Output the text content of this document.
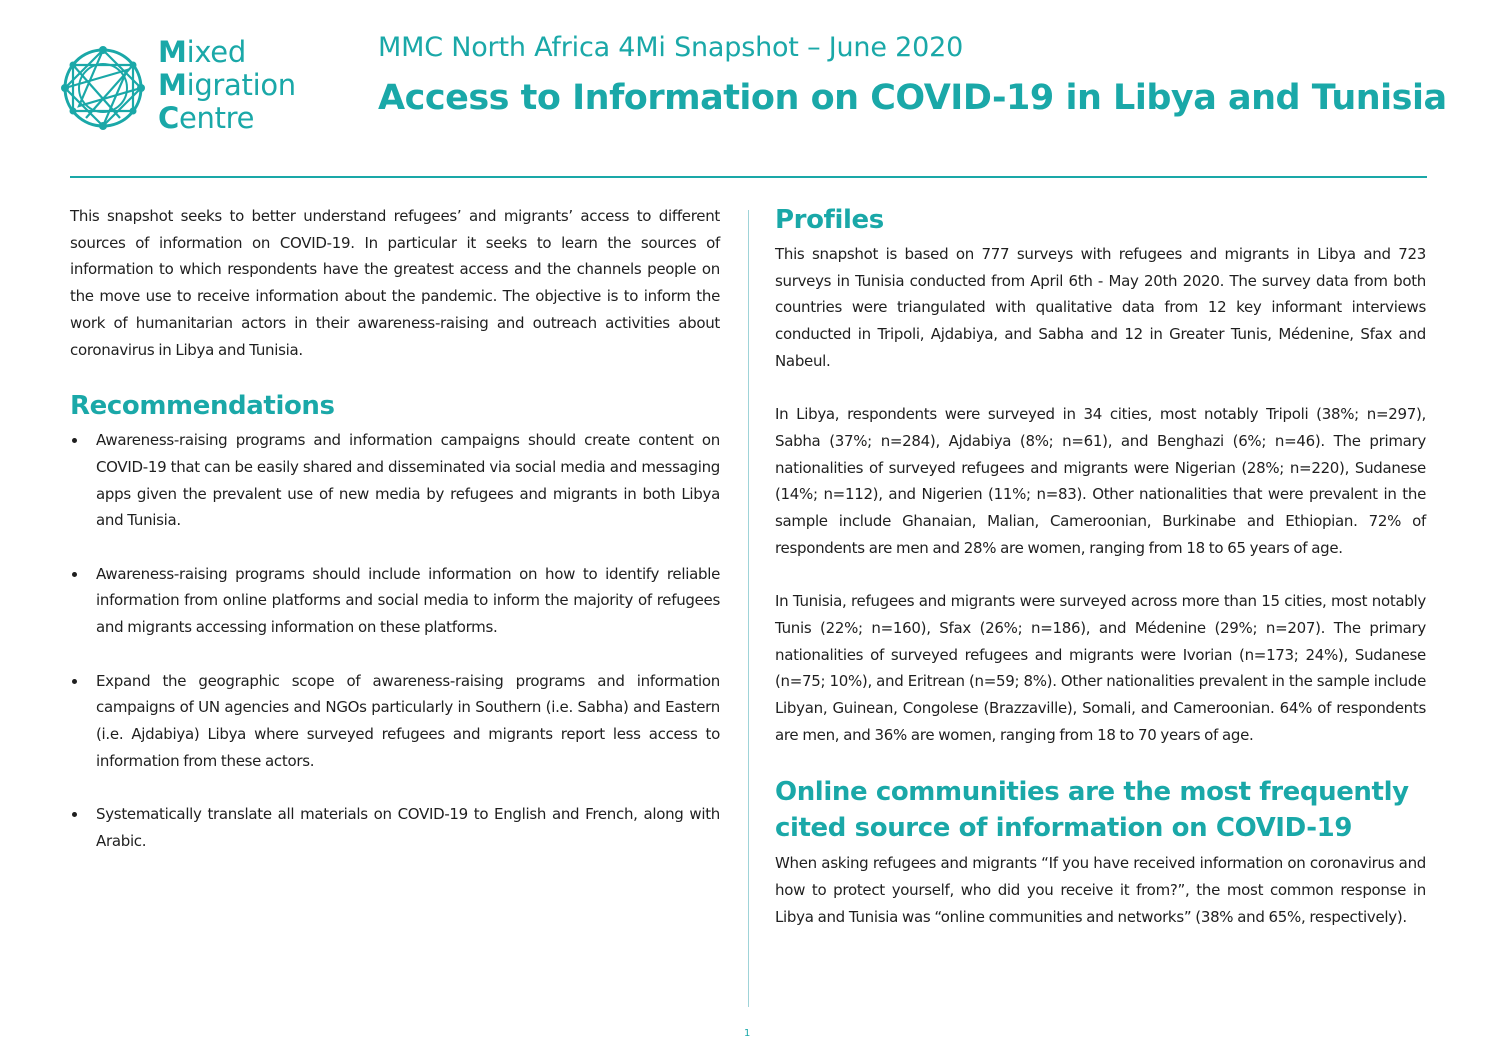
Mixed
Migration
Centre
MMC North Africa 4Mi Snapshot – June 2020
Access to Information on COVID-19 in Libya and Tunisia

This snapshot seeks to better understand refugees’ and migrants’ access to different sources of information on COVID-19. In particular it seeks to learn the sources of information to which respondents have the greatest access and the channels people on the move use to receive information about the pandemic. The objective is to inform the work of humanitarian actors in their awareness-raising and outreach activities about coronavirus in Libya and Tunisia.

Recommendations

Awareness-raising programs and information campaigns should create content on COVID-19 that can be easily shared and disseminated via social media and messaging apps given the prevalent use of new media by refugees and migrants in both Libya and Tunisia.

Awareness-raising programs should include information on how to identify reliable information from online platforms and social media to inform the majority of refugees and migrants accessing information on these platforms.

Expand the geographic scope of awareness-raising programs and information campaigns of UN agencies and NGOs particularly in Southern (i.e. Sabha) and Eastern (i.e. Ajdabiya) Libya where surveyed refugees and migrants report less access to information from these actors.

Systematically translate all materials on COVID-19 to English and French, along with Arabic.

Profiles

This snapshot is based on 777 surveys with refugees and migrants in Libya and 723 surveys in Tunisia conducted from April 6th - May 20th 2020. The survey data from both countries were triangulated with qualitative data from 12 key informant interviews conducted in Tripoli, Ajdabiya, and Sabha and 12 in Greater Tunis, Médenine, Sfax and Nabeul.

In Libya, respondents were surveyed in 34 cities, most notably Tripoli (38%; n=297), Sabha (37%; n=284), Ajdabiya (8%; n=61), and Benghazi (6%; n=46). The primary nationalities of surveyed refugees and migrants were Nigerian (28%; n=220), Sudanese (14%; n=112), and Nigerien (11%; n=83). Other nationalities that were prevalent in the sample include Ghanaian, Malian, Cameroonian, Burkinabe and Ethiopian. 72% of respondents are men and 28% are women, ranging from 18 to 65 years of age.

In Tunisia, refugees and migrants were surveyed across more than 15 cities, most notably Tunis (22%; n=160), Sfax (26%; n=186), and Médenine (29%; n=207). The primary nationalities of surveyed refugees and migrants were Ivorian (n=173; 24%), Sudanese (n=75; 10%), and Eritrean (n=59; 8%). Other nationalities prevalent in the sample include Libyan, Guinean, Congolese (Brazzaville), Somali, and Cameroonian. 64% of respondents are men, and 36% are women, ranging from 18 to 70 years of age.

Online communities are the most frequently cited source of information on COVID-19

When asking refugees and migrants “If you have received information on coronavirus and how to protect yourself, who did you receive it from?”, the most common response in Libya and Tunisia was “online communities and networks” (38% and 65%, respectively).

1
